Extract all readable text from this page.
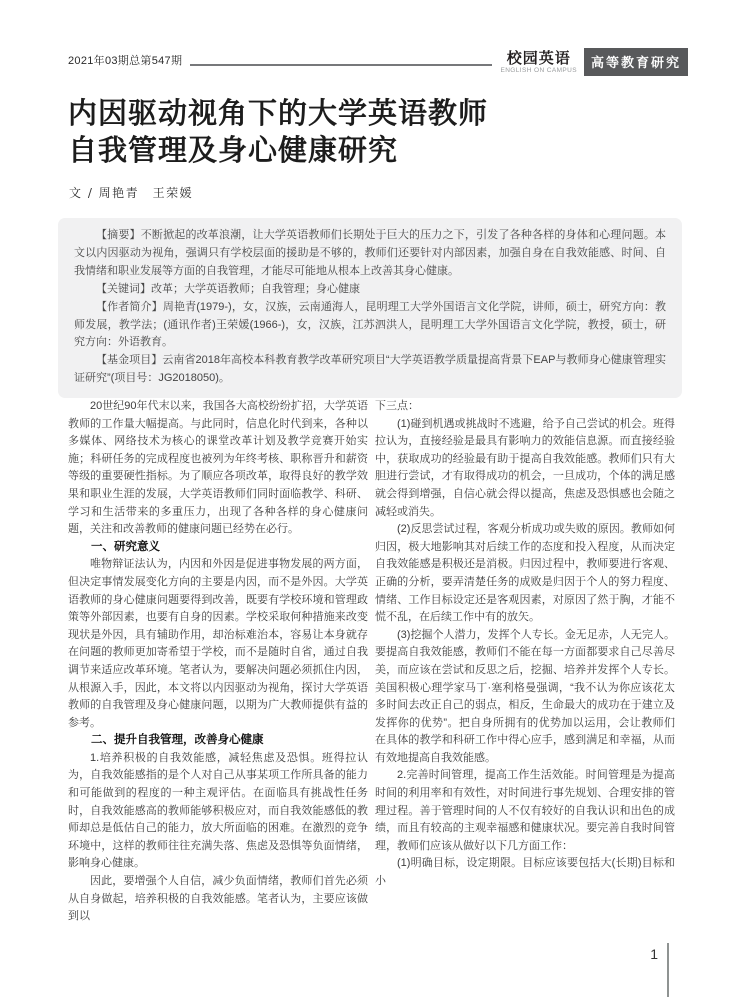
2021年03期总第547期	校园英语
ENGLISH ON CAMPUS
高等教育研究
内因驱动视角下的大学英语教师
自我管理及身心健康研究
文 / 周艳青　王荣媛

【摘要】不断掀起的改革浪潮，让大学英语教师们长期处于巨大的压力之下，引发了各种各样的身体和心理问题。本文以内因驱动为视角，强调只有学校层面的援助是不够的，教师们还要针对内部因素，加强自身在自我效能感、时间、自我情绪和职业发展等方面的自我管理，才能尽可能地从根本上改善其身心健康。

【关键词】改革；大学英语教师；自我管理；身心健康

【作者简介】周艳青(1979-)，女，汉族，云南通海人，昆明理工大学外国语言文化学院，讲师，硕士，研究方向：教师发展，教学法；(通讯作者)王荣媛(1966-)，女，汉族，江苏泗洪人，昆明理工大学外国语言文化学院，教授，硕士，研究方向：外语教育。

【基金项目】云南省2018年高校本科教育教学改革研究项目“大学英语教学质量提高背景下EAP与教师身心健康管理实证研究”(项目号：JG2018050)。

20世纪90年代末以来，我国各大高校纷纷扩招，大学英语教师的工作量大幅提高。与此同时，信息化时代到来，各种以多媒体、网络技术为核心的课堂改革计划及教学竞赛开始实施；科研任务的完成程度也被列为年终考核、职称晋升和薪资等级的重要硬性指标。为了顺应各项改革，取得良好的教学效果和职业生涯的发展，大学英语教师们同时面临教学、科研、学习和生活带来的多重压力，出现了各种各样的身心健康问题，关注和改善教师的健康问题已经势在必行。

一、研究意义

唯物辩证法认为，内因和外因是促进事物发展的两方面，但决定事情发展变化方向的主要是内因，而不是外因。大学英语教师的身心健康问题要得到改善，既要有学校环境和管理政策等外部因素，也要有自身的因素。学校采取何种措施来改变现状是外因，具有辅助作用，却治标难治本，容易让本身就存在问题的教师更加寄希望于学校，而不是随时自省，通过自我调节来适应改革环境。笔者认为，要解决问题必须抓住内因，从根源入手，因此，本文将以内因驱动为视角，探讨大学英语教师的自我管理及身心健康问题，以期为广大教师提供有益的参考。

二、提升自我管理，改善身心健康

1.培养积极的自我效能感，减轻焦虑及恐惧。班得拉认为，自我效能感指的是个人对自己从事某项工作所具备的能力和可能做到的程度的一种主观评估。在面临具有挑战性任务时，自我效能感高的教师能够积极应对，而自我效能感低的教师却总是低估自己的能力，放大所面临的困难。在激烈的竞争环境中，这样的教师往往充满失落、焦虑及恐惧等负面情绪，影响身心健康。

因此，要增强个人自信，减少负面情绪，教师们首先必须从自身做起，培养积极的自我效能感。笔者认为，主要应该做到以

下三点：

(1)碰到机遇或挑战时不逃避，给予自己尝试的机会。班得拉认为，直接经验是最具有影响力的效能信息源。而直接经验中，获取成功的经验最有助于提高自我效能感。教师们只有大胆进行尝试，才有取得成功的机会，一旦成功，个体的满足感就会得到增强，自信心就会得以提高，焦虑及恐惧感也会随之减轻或消失。

(2)反思尝试过程，客观分析成功或失败的原因。教师如何归因，极大地影响其对后续工作的态度和投入程度，从而决定自我效能感是积极还是消极。归因过程中，教师要进行客观、正确的分析，要弄清楚任务的成败是归因于个人的努力程度、情绪、工作目标设定还是客观因素，对原因了然于胸，才能不慌不乱，在后续工作中有的放矢。

(3)挖掘个人潜力，发挥个人专长。金无足赤，人无完人。要提高自我效能感，教师们不能在每一方面都要求自己尽善尽美，而应该在尝试和反思之后，挖掘、培养并发挥个人专长。美国积极心理学家马丁·塞利格曼强调，“我不认为你应该花太多时间去改正自己的弱点，相反，生命最大的成功在于建立及发挥你的优势”。把自身所拥有的优势加以运用，会让教师们在具体的教学和科研工作中得心应手，感到满足和幸福，从而有效地提高自我效能感。

2.完善时间管理，提高工作生活效能。时间管理是为提高时间的利用率和有效性，对时间进行事先规划、合理安排的管理过程。善于管理时间的人不仅有较好的自我认识和出色的成绩，而且有较高的主观幸福感和健康状况。要完善自我时间管理，教师们应该从做好以下几方面工作：

(1)明确目标，设定期限。目标应该要包括大(长期)目标和小

1
